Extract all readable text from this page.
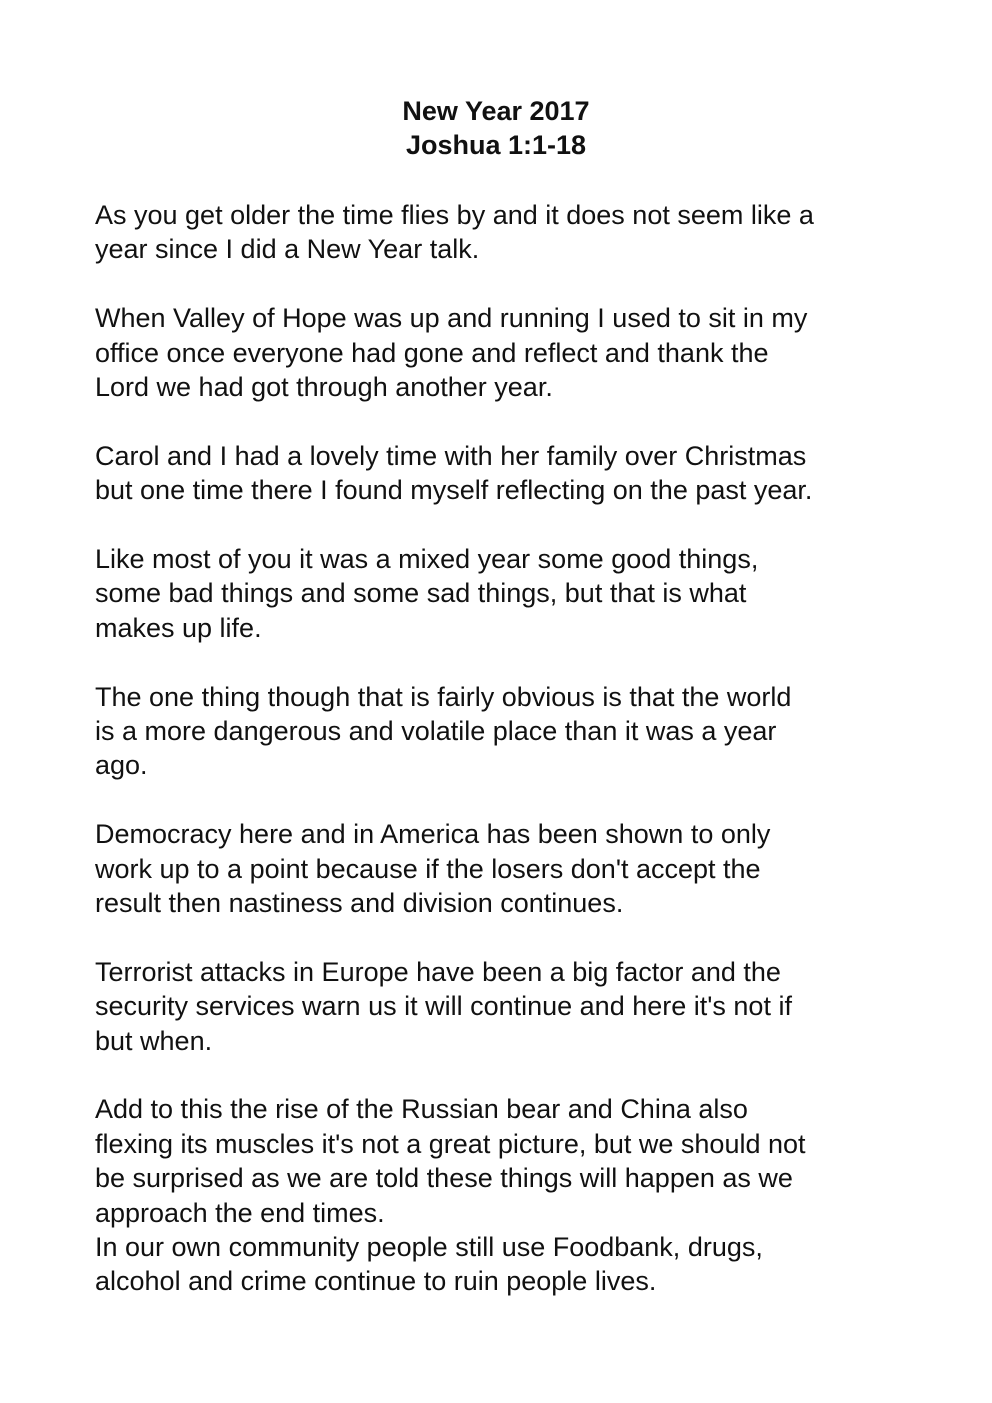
New Year 2017
Joshua 1:1-18

As you get older the time flies by and it does not seem like a
year since I did a New Year talk.

When Valley of Hope was up and running I used to sit in my
office once everyone had gone and reflect and thank the
Lord we had got through another year.

Carol and I had a lovely time with her family over Christmas
but one time there I found myself reflecting on the past year.

Like most of you it was a mixed year some good things,
some bad things and some sad things, but that is what
makes up life.

The one thing though that is fairly obvious is that the world
is a more dangerous and volatile place than it was a year
ago.

Democracy here and in America has been shown to only
work up to a point because if the losers don't accept the
result then nastiness and division continues.

Terrorist attacks in Europe have been a big factor and the
security services warn us it will continue and here it's not if
but when.

Add to this the rise of the Russian bear and China also
flexing its muscles it's not a great picture, but we should not
be surprised as we are told these things will happen as we
approach the end times.

In our own community people still use Foodbank, drugs,
alcohol and crime continue to ruin people lives.
